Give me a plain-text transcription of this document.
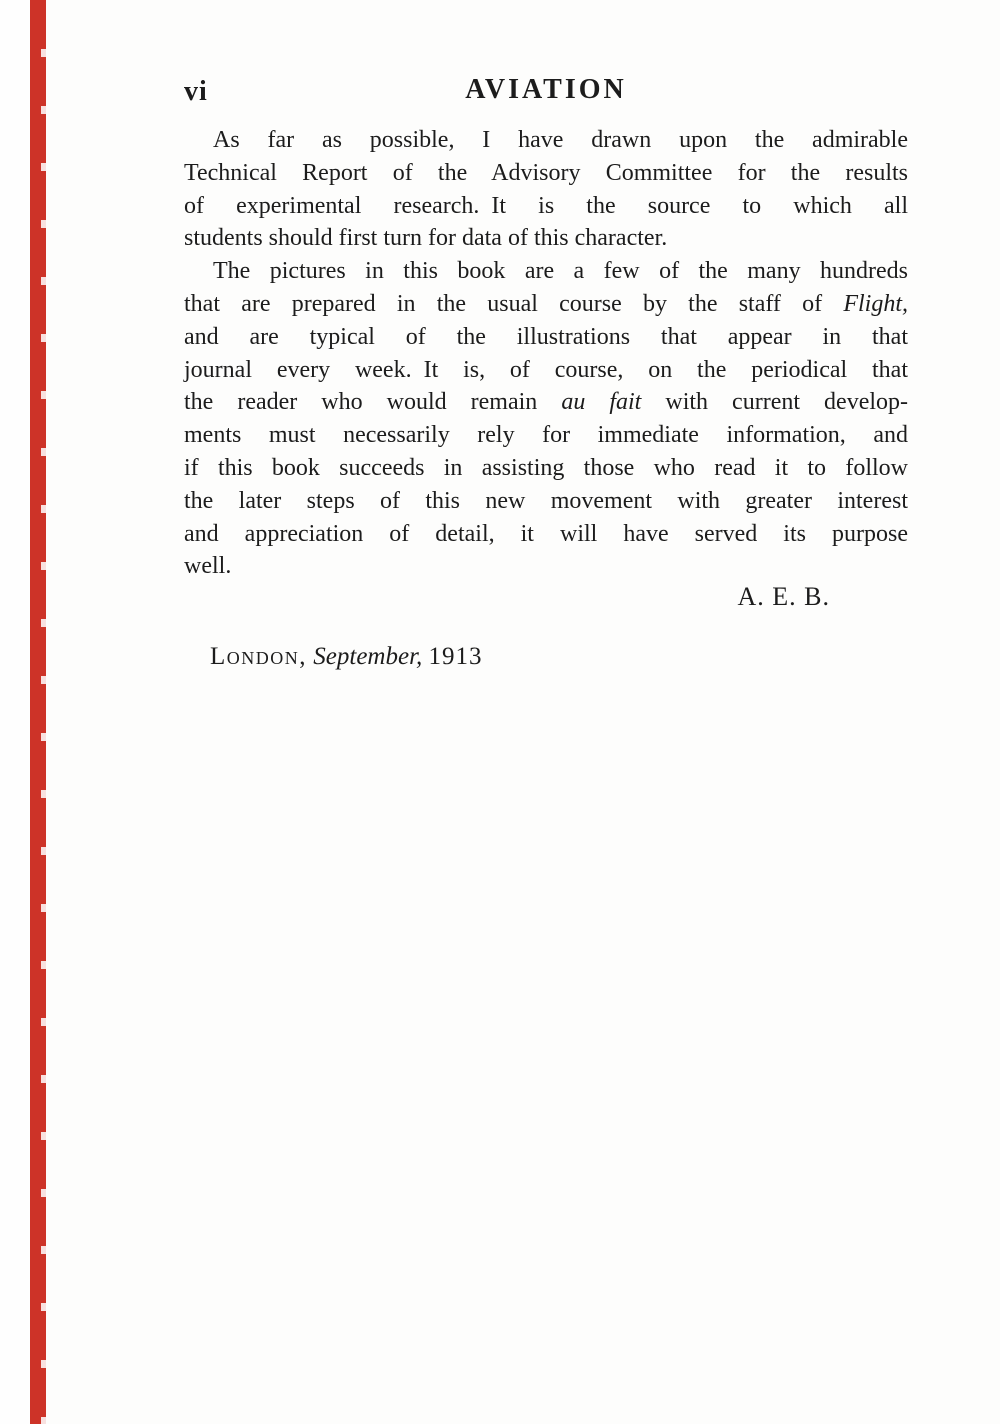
vi	AVIATION
As far as possible, I have drawn upon the admirable
Technical Report of the Advisory Committee for the results
of experimental research. It is the source to which all
students should first turn for data of this character.
The pictures in this book are a few of the many hundreds
that are prepared in the usual course by the staff of Flight,
and are typical of the illustrations that appear in that
journal every week. It is, of course, on the periodical that
the reader who would remain au fait with current develop-
ments must necessarily rely for immediate information, and
if this book succeeds in assisting those who read it to follow
the later steps of this new movement with greater interest
and appreciation of detail, it will have served its purpose
well.
A. E. B.
London, September, 1913
